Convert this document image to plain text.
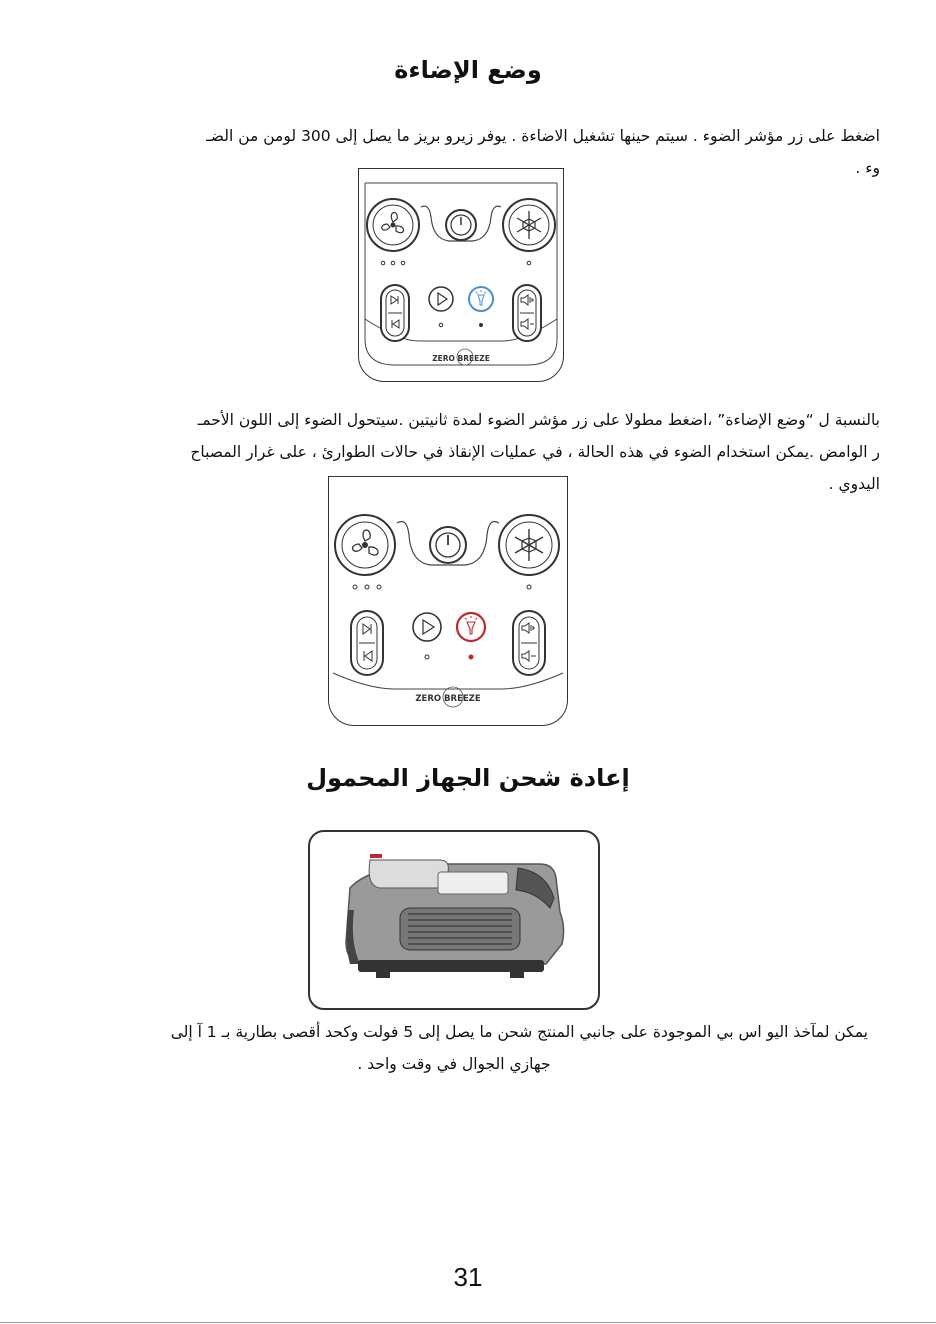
وضع الإضاءة

اضغط على زر مؤشر الضوء . سيتم حينها تشغيل الاضاءة . يوفر زيرو بريز ما يصل إلى 300 لومن من الضـ

وء .

ZERO BREEZE

بالنسبة ل “وضع الإضاءة” ،اضغط مطولا على زر مؤشر الضوء لمدة ثانيتين .سيتحول الضوء إلى اللون الأحمـ

ر الوامض .يمكن استخدام الضوء في هذه الحالة ، في عمليات الإنقاذ في حالات الطوارئ ، على غرار المصباح

اليدوي .

ZERO BREEZE
إعادة شحن الجهاز المحمول

يمكن لمآخذ اليو اس بي الموجودة على جانبي المنتج شحن ما يصل إلى 5 فولت وكحد أقصى بطارية بـ 1 آ إلى

جهازي الجوال في وقت واحد .

31
